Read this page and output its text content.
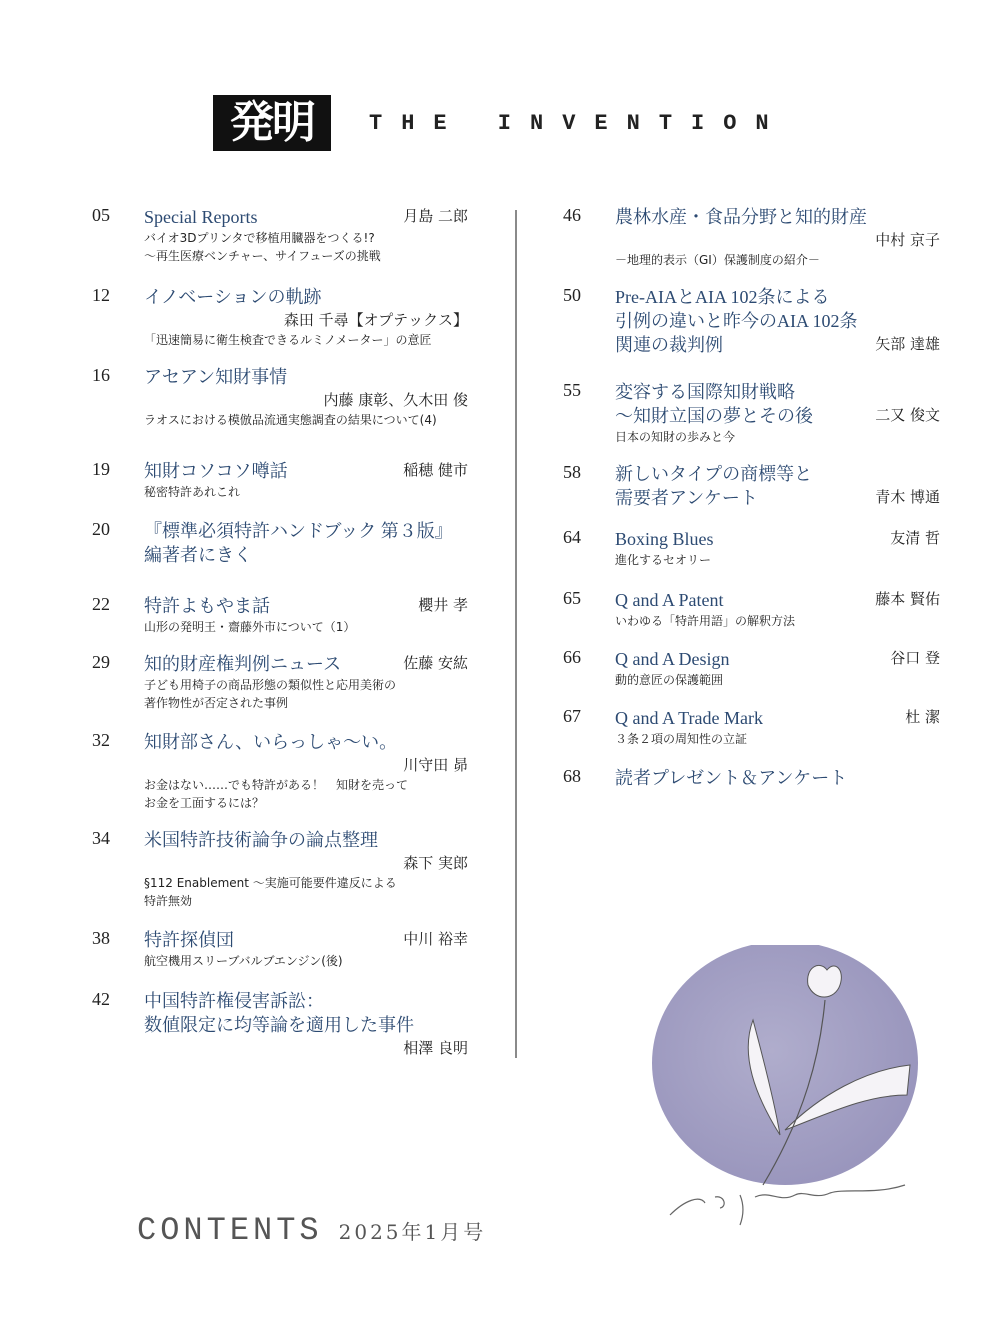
発明	THE INVENTION
05 Special Reports	月島 二郎
バイオ3Dプリンタで移植用臓器をつくる!?
～再生医療ベンチャー、サイフューズの挑戦
12 イノベーションの軌跡
森田 千尋【オプテックス】
「迅速簡易に衛生検査できるルミノメーター」の意匠
16 アセアン知財事情
内藤 康彰、久木田 俊
ラオスにおける模倣品流通実態調査の結果について(4)
19 知財コソコソ噂話	稲穂 健市
秘密特許あれこれ
20 『標準必須特許ハンドブック 第３版』
編著者にきく
22 特許よもやま話	櫻井 孝
山形の発明王・齋藤外市について（1）
29 知的財産権判例ニュース	佐藤 安紘
子ども用椅子の商品形態の類似性と応用美術の
著作物性が否定された事例
32 知財部さん、いらっしゃ～い。
川守田 昴
お金はない……でも特許がある！　知財を売って
お金を工面するには？
34 米国特許技術論争の論点整理
森下 実郎
§112 Enablement ～実施可能要件違反による
特許無効
38 特許探偵団	中川 裕幸
航空機用スリーブバルブエンジン(後)
42 中国特許権侵害訴訟：
数値限定に均等論を適用した事件
相澤 良明
46 農林水産・食品分野と知的財産
中村 京子
－地理的表示（GI）保護制度の紹介－
50 Pre-AIAとAIA 102条による
引例の違いと昨今のAIA 102条
関連の裁判例	矢部 達雄
55 変容する国際知財戦略
～知財立国の夢とその後	二又 俊文
日本の知財の歩みと今
58 新しいタイプの商標等と
需要者アンケート	青木 博通
64 Boxing Blues	友清 哲
進化するセオリー
65 Q and A Patent	藤本 賢佑
いわゆる「特許用語」の解釈方法
66 Q and A Design	谷口 登
動的意匠の保護範囲
67 Q and A Trade Mark	杜 潔
３条２項の周知性の立証
68 読者プレゼント＆アンケート
CONTENTS 2025年1月号
